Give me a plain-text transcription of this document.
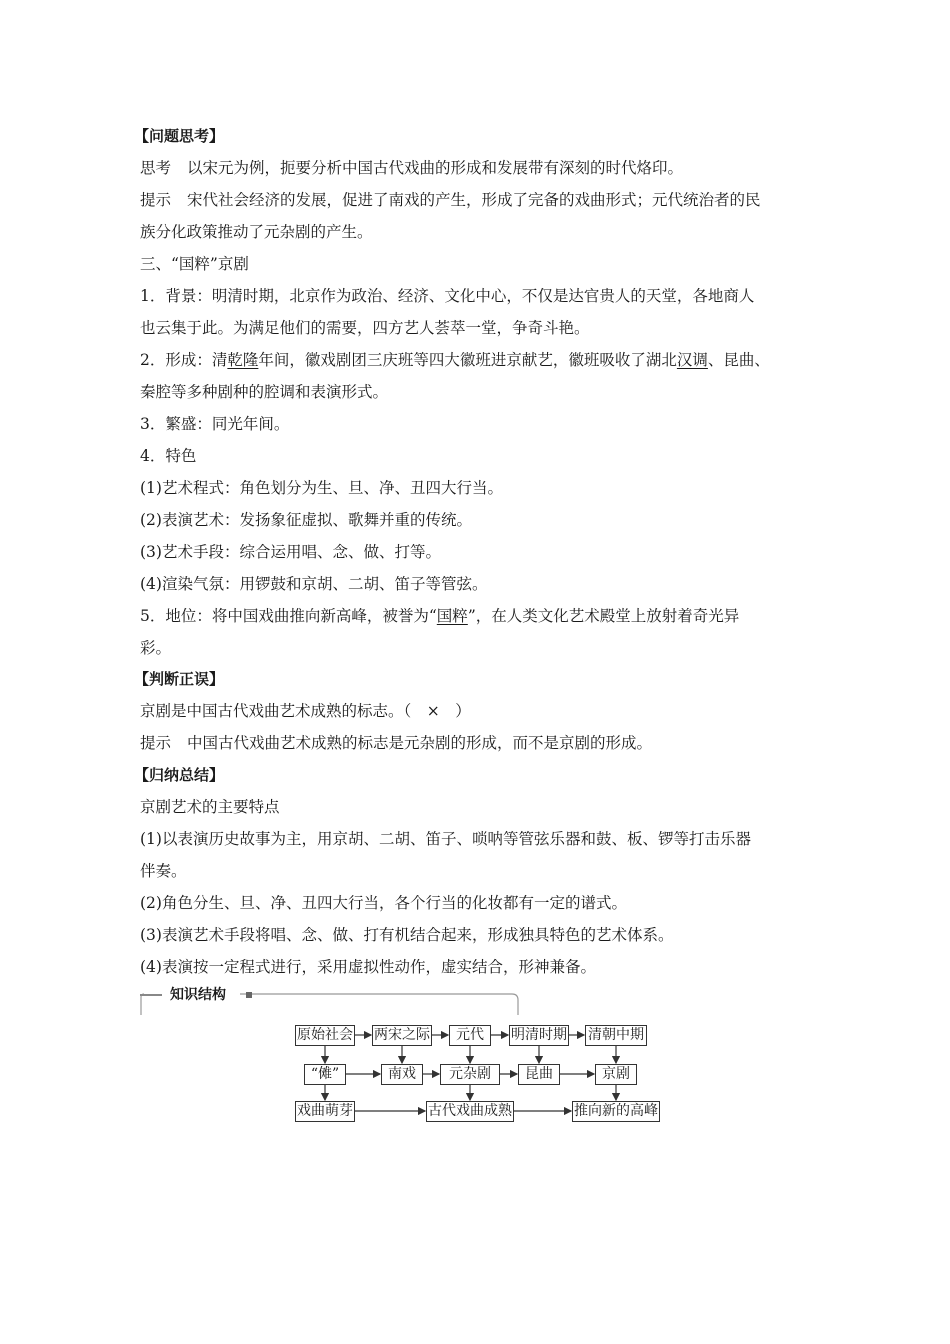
【问题思考】
思考 以宋元为例，扼要分析中国古代戏曲的形成和发展带有深刻的时代烙印。
提示 宋代社会经济的发展，促进了南戏的产生，形成了完备的戏曲形式；元代统治者的民
族分化政策推动了元杂剧的产生。
三、“国粹”京剧
1．背景：明清时期，北京作为政治、经济、文化中心，不仅是达官贵人的天堂，各地商人
也云集于此。为满足他们的需要，四方艺人荟萃一堂，争奇斗艳。
2．形成：清乾隆年间，徽戏剧团三庆班等四大徽班进京献艺，徽班吸收了湖北汉调、昆曲、
秦腔等多种剧种的腔调和表演形式。
3．繁盛：同光年间。
4．特色
(1)艺术程式：角色划分为生、旦、净、丑四大行当。
(2)表演艺术：发扬象征虚拟、歌舞并重的传统。
(3)艺术手段：综合运用唱、念、做、打等。
(4)渲染气氛：用锣鼓和京胡、二胡、笛子等管弦。
5．地位：将中国戏曲推向新高峰，被誉为“国粹”，在人类文化艺术殿堂上放射着奇光异
彩。
【判断正误】
京剧是中国古代戏曲艺术成熟的标志。（　×　）
提示 中国古代戏曲艺术成熟的标志是元杂剧的形成，而不是京剧的形成。
【归纳总结】
京剧艺术的主要特点
(1)以表演历史故事为主，用京胡、二胡、笛子、唢呐等管弦乐器和鼓、板、锣等打击乐器
伴奏。
(2)角色分生、旦、净、丑四大行当，各个行当的化妆都有一定的谱式。
(3)表演艺术手段将唱、念、做、打有机结合起来，形成独具特色的艺术体系。
(4)表演按一定程式进行，采用虚拟性动作，虚实结合，形神兼备。
知识结构
原始社会 两宋之际	元代	明清时期 清朝中期
“傩”	南戏	元杂剧	昆曲	京剧
戏曲萌芽	古代戏曲成熟	推向新的高峰
